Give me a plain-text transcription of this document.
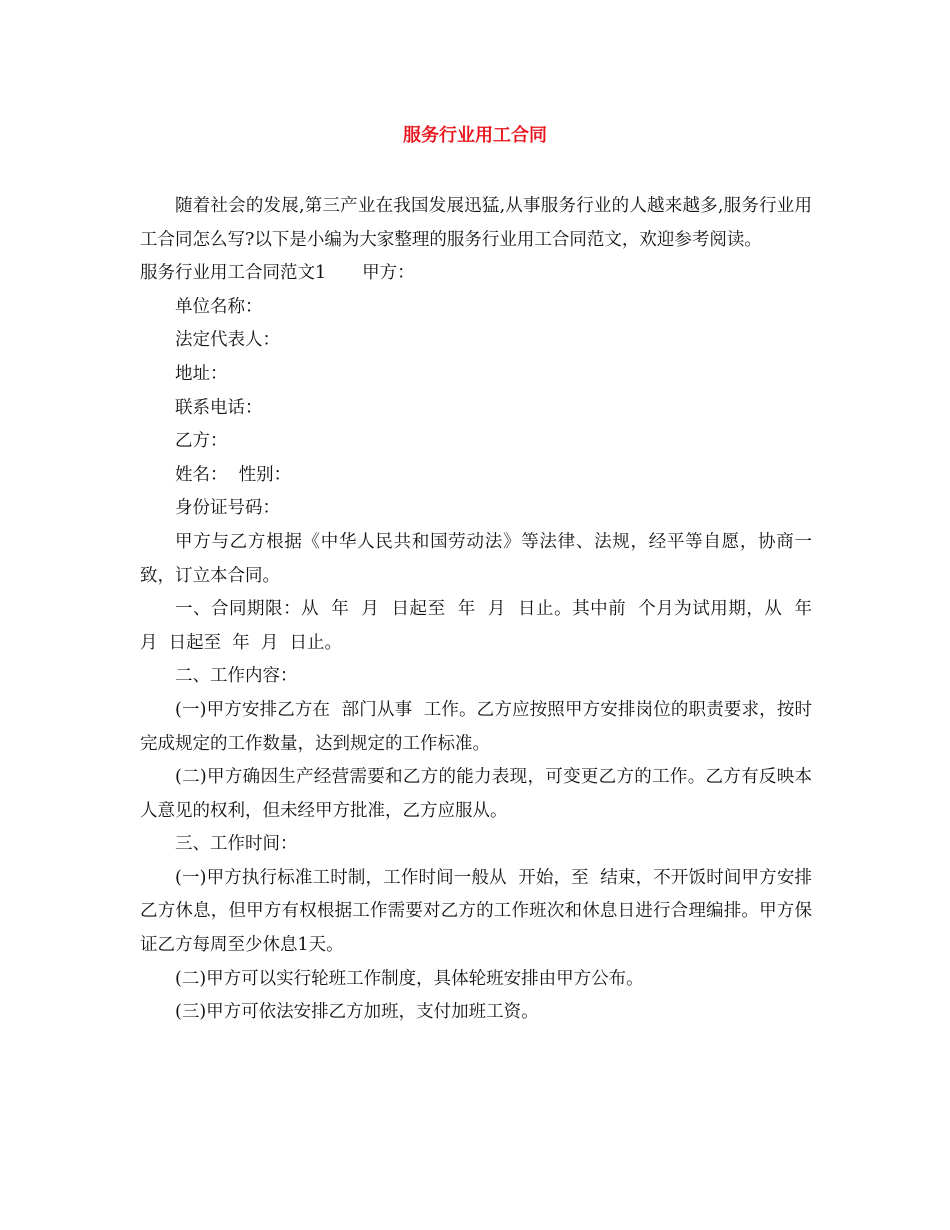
服务行业用工合同

随着社会的发展,第三产业在我国发展迅猛,从事服务行业的人越来越多,服务行业用工合同怎么写?以下是小编为大家整理的服务行业用工合同范文，欢迎参考阅读。

服务行业用工合同范文1 甲方：

单位名称：

法定代表人：

地址：

联系电话：

乙方：

姓名：  性别：

身份证号码：

甲方与乙方根据《中华人民共和国劳动法》等法律、法规，经平等自愿，协商一致，订立本合同。

一、合同期限：从  年  月  日起至  年  月  日止。其中前  个月为试用期，从  年  月  日起至  年  月  日止。

二、工作内容：

(一)甲方安排乙方在  部门从事  工作。乙方应按照甲方安排岗位的职责要求，按时完成规定的工作数量，达到规定的工作标准。

(二)甲方确因生产经营需要和乙方的能力表现，可变更乙方的工作。乙方有反映本人意见的权利，但未经甲方批准，乙方应服从。

三、工作时间：

(一)甲方执行标准工时制，工作时间一般从  开始，至  结束，不开饭时间甲方安排乙方休息，但甲方有权根据工作需要对乙方的工作班次和休息日进行合理编排。甲方保证乙方每周至少休息1天。

(二)甲方可以实行轮班工作制度，具体轮班安排由甲方公布。

(三)甲方可依法安排乙方加班，支付加班工资。
